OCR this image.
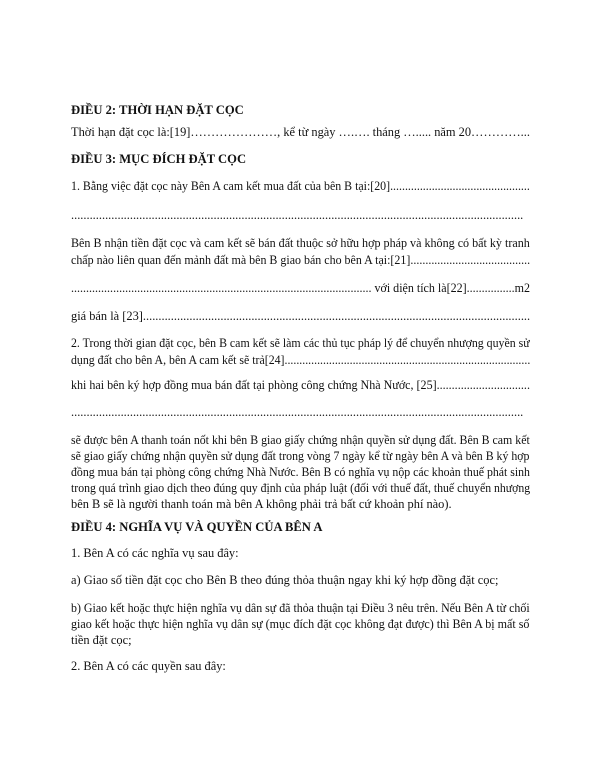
ĐIỀU 2: THỜI HẠN ĐẶT CỌC
Thời hạn đặt cọc là:[19]…………………, kể từ ngày ….…. tháng …..... năm 20…………...
ĐIỀU 3: MỤC ĐÍCH ĐẶT CỌC
1. Bằng việc đặt cọc này Bên A cam kết mua đất của bên B tại:[20]...............................................
..................................................................................................................................................
Bên B nhận tiền đặt cọc và cam kết sẽ bán đất thuộc sở hữu hợp pháp và không có bất kỳ tranh
chấp nào liên quan đến mảnh đất mà bên B giao bán cho bên A tại:[21]........................................
.................................................................................................... với diện tích là[22]................m2
giá bán là [23].............................................................................................................................
2. Trong thời gian đặt cọc, bên B cam kết sẽ làm các thủ tục pháp lý để chuyển nhượng quyền sử
dụng đất cho bên A, bên A cam kết sẽ trả[24]...................................................................................
khi hai bên ký hợp đồng mua bán đất tại phòng công chứng Nhà Nước, [25]...............................
..................................................................................................................................................
sẽ được bên A thanh toán nốt khi bên B giao giấy chứng nhận quyền sử dụng đất. Bên B cam kết
sẽ giao giấy chứng nhận quyền sử dụng đất trong vòng 7 ngày kể từ ngày bên A và bên B ký hợp
đồng mua bán tại phòng công chứng Nhà Nước. Bên B có nghĩa vụ nộp các khoản thuế phát sinh
trong quá trình giao dịch theo đúng quy định của pháp luật (đối với thuế đất, thuế chuyển nhượng
bên B sẽ là người thanh toán mà bên A không phải trả bất cứ khoản phí nào).
ĐIỀU 4: NGHĨA VỤ VÀ QUYỀN CỦA BÊN A
1. Bên A có các nghĩa vụ sau đây:
a) Giao số tiền đặt cọc cho Bên B theo đúng thỏa thuận ngay khi ký hợp đồng đặt cọc;
b) Giao kết hoặc thực hiện nghĩa vụ dân sự đã thỏa thuận tại Điều 3 nêu trên. Nếu Bên A từ chối
giao kết hoặc thực hiện nghĩa vụ dân sự (mục đích đặt cọc không đạt được) thì Bên A bị mất số
tiền đặt cọc;
2. Bên A có các quyền sau đây:
